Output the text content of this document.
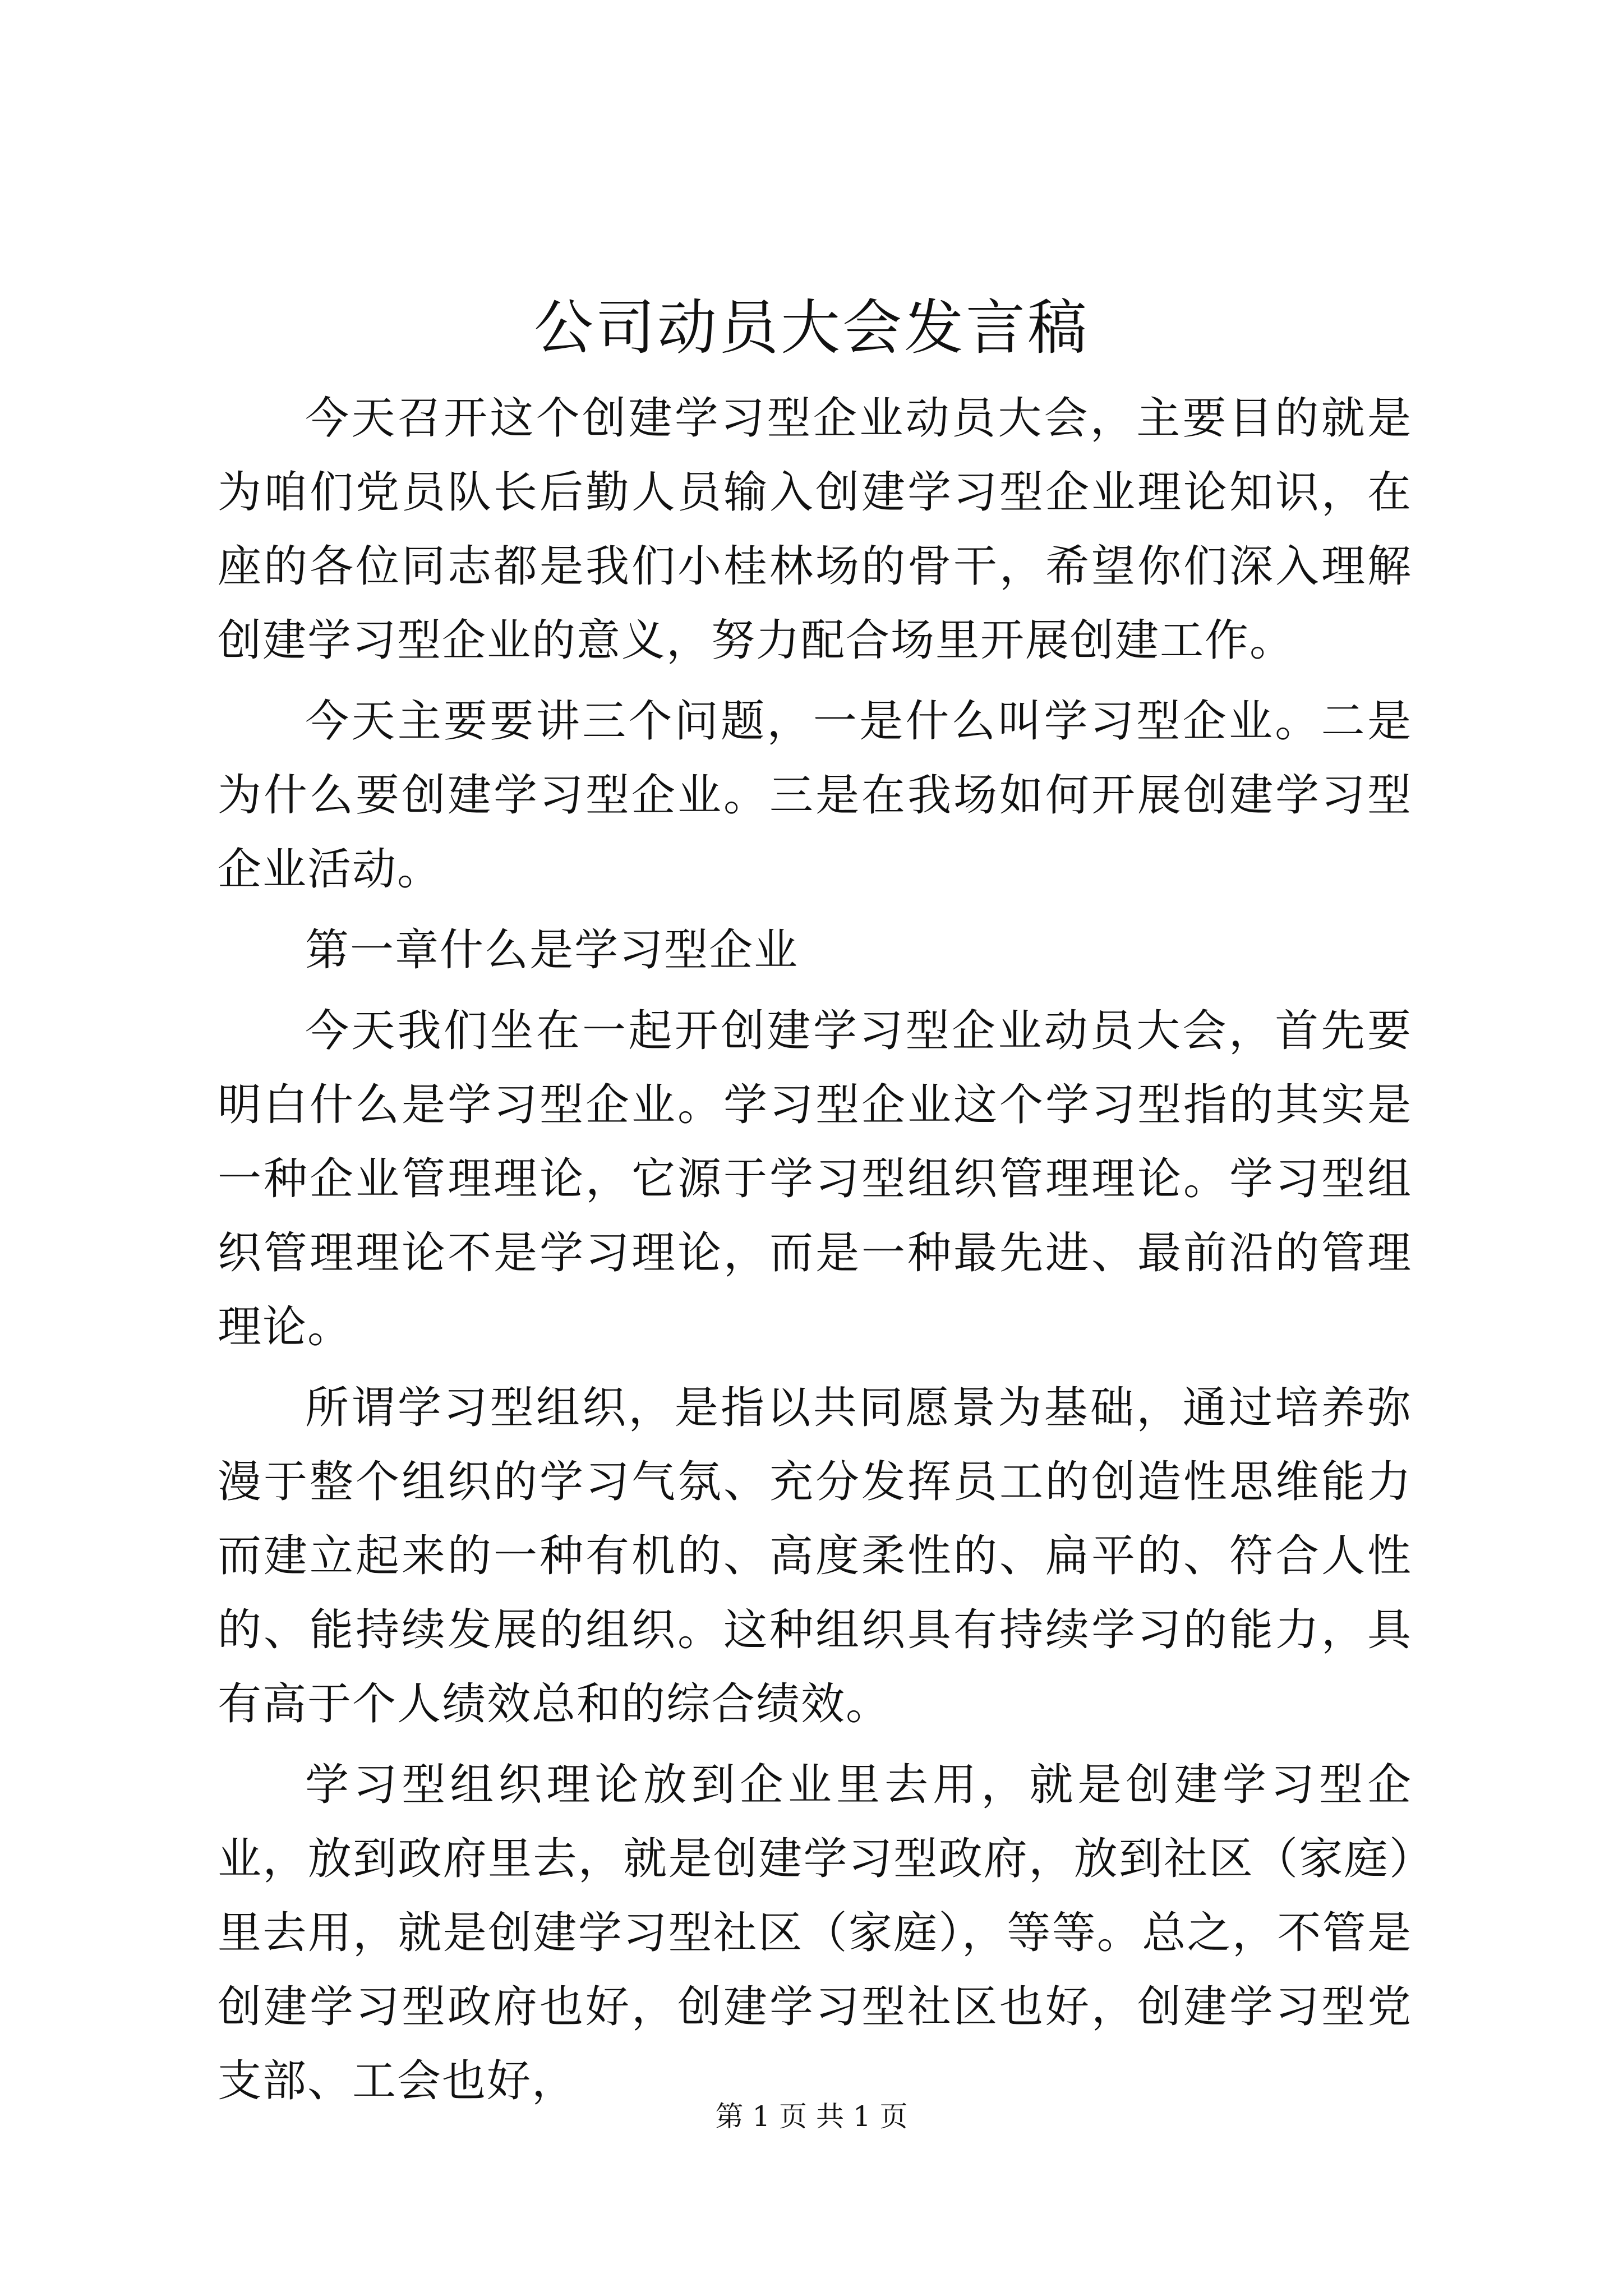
公司动员大会发言稿

今天召开这个创建学习型企业动员大会，主要目的就是为咱们党员队长后勤人员输入创建学习型企业理论知识，在座的各位同志都是我们小桂林场的骨干，希望你们深入理解创建学习型企业的意义，努力配合场里开展创建工作。

今天主要要讲三个问题，一是什么叫学习型企业。二是为什么要创建学习型企业。三是在我场如何开展创建学习型企业活动。

第一章什么是学习型企业

今天我们坐在一起开创建学习型企业动员大会，首先要明白什么是学习型企业。学习型企业这个学习型指的其实是一种企业管理理论，它源于学习型组织管理理论。学习型组织管理理论不是学习理论，而是一种最先进、最前沿的管理理论。

所谓学习型组织，是指以共同愿景为基础，通过培养弥漫于整个组织的学习气氛、充分发挥员工的创造性思维能力而建立起来的一种有机的、高度柔性的、扁平的、符合人性的、能持续发展的组织。这种组织具有持续学习的能力，具有高于个人绩效总和的综合绩效。

学习型组织理论放到企业里去用，就是创建学习型企业，放到政府里去，就是创建学习型政府，放到社区（家庭）里去用，就是创建学习型社区（家庭），等等。总之，不管是创建学习型政府也好，创建学习型社区也好，创建学习型党支部、工会也好，

第 1 页 共 1 页
